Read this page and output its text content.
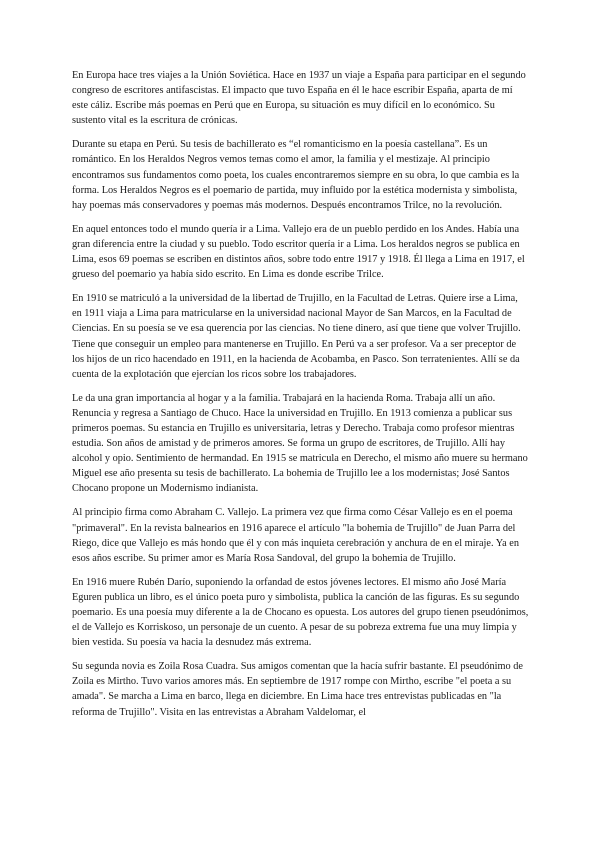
En Europa hace tres viajes a la Unión Soviética. Hace en 1937 un viaje a España para participar en el segundo congreso de escritores antifascistas. El impacto que tuvo España en él le hace escribir España, aparta de mí este cáliz. Escribe más poemas en Perú que en Europa, su situación es muy difícil en lo económico. Su sustento vital es la escritura de crónicas.

Durante su etapa en Perú. Su tesis de bachillerato es “el romanticismo en la poesía castellana”. Es un romántico. En los Heraldos Negros vemos temas como el amor, la familia y el mestizaje. Al principio encontramos sus fundamentos como poeta, los cuales encontraremos siempre en su obra, lo que cambia es la forma. Los Heraldos Negros es el poemario de partida, muy influido por la estética modernista y simbolista, hay poemas más conservadores y poemas más modernos. Después encontramos Trilce, no la revolución.

En aquel entonces todo el mundo quería ir a Lima. Vallejo era de un pueblo perdido en los Andes. Había una gran diferencia entre la ciudad y su pueblo. Todo escritor quería ir a Lima. Los heraldos negros se publica en Lima, esos 69 poemas se escriben en distintos años, sobre todo entre 1917 y 1918. Él llega a Lima en 1917, el grueso del poemario ya había sido escrito. En Lima es donde escribe Trilce.

En 1910 se matriculó a la universidad de la libertad de Trujillo, en la Facultad de Letras. Quiere irse a Lima, en 1911 viaja a Lima para matricularse en la universidad nacional Mayor de San Marcos, en la Facultad de Ciencias. En su poesía se ve esa querencia por las ciencias. No tiene dinero, así que tiene que volver Trujillo. Tiene que conseguir un empleo para mantenerse en Trujillo. En Perú va a ser profesor. Va a ser preceptor de los hijos de un rico hacendado en 1911, en la hacienda de Acobamba, en Pasco. Son terratenientes. Allí se da cuenta de la explotación que ejercían los ricos sobre los trabajadores.

Le da una gran importancia al hogar y a la familia. Trabajará en la hacienda Roma. Trabaja allí un año. Renuncia y regresa a Santiago de Chuco. Hace la universidad en Trujillo. En 1913 comienza a publicar sus primeros poemas. Su estancia en Trujillo es universitaria, letras y Derecho. Trabaja como profesor mientras estudia. Son años de amistad y de primeros amores. Se forma un grupo de escritores, de Trujillo. Allí hay alcohol y opio. Sentimiento de hermandad. En 1915 se matricula en Derecho, el mismo año muere su hermano Miguel ese año presenta su tesis de bachillerato. La bohemia de Trujillo lee a los modernistas; José Santos Chocano propone un Modernismo indianista.

Al principio firma como Abraham C. Vallejo. La primera vez que firma como César Vallejo es en el poema "primaveral". En la revista balnearios en 1916 aparece el artículo "la bohemia de Trujillo" de Juan Parra del Riego, dice que Vallejo es más hondo que él y con más inquieta cerebración y anchura de en el miraje. Ya en esos años escribe. Su primer amor es María Rosa Sandoval, del grupo la bohemia de Trujillo.

En 1916 muere Rubén Darío, suponiendo la orfandad de estos jóvenes lectores. El mismo año José María Eguren publica un libro, es el único poeta puro y simbolista, publica la canción de las figuras. Es su segundo poemario. Es una poesía muy diferente a la de Chocano es opuesta. Los autores del grupo tienen pseudónimos, el de Vallejo es Korriskoso, un personaje de un cuento. A pesar de su pobreza extrema fue una muy limpia y bien vestida. Su poesía va hacia la desnudez más extrema.

Su segunda novia es Zoila Rosa Cuadra. Sus amigos comentan que la hacía sufrir bastante. El pseudónimo de Zoila es Mirtho. Tuvo varios amores más. En septiembre de 1917 rompe con Mirtho, escribe "el poeta a su amada". Se marcha a Lima en barco, llega en diciembre. En Lima hace tres entrevistas publicadas en "la reforma de Trujillo". Visita en las entrevistas a Abraham Valdelomar, el
